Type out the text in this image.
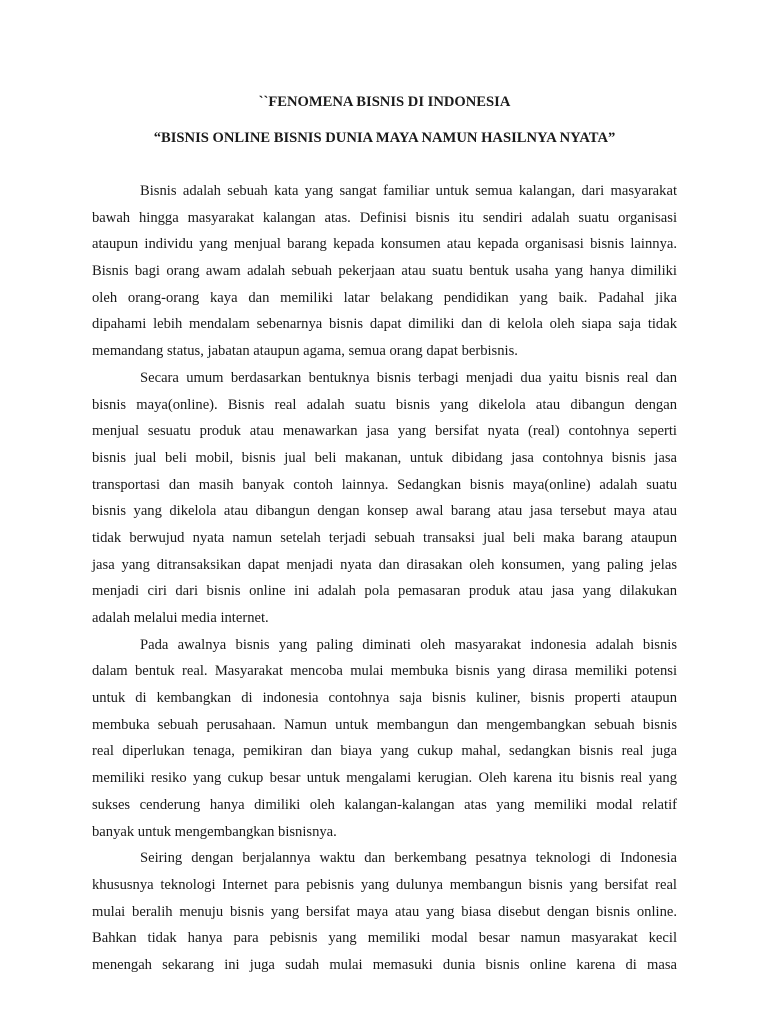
``FENOMENA BISNIS DI INDONESIA
“BISNIS ONLINE BISNIS DUNIA MAYA NAMUN HASILNYA NYATA”
Bisnis adalah sebuah kata yang sangat familiar untuk semua kalangan, dari masyarakat
bawah hingga masyarakat kalangan atas. Definisi bisnis itu sendiri adalah suatu organisasi
ataupun individu yang menjual barang kepada konsumen atau kepada organisasi bisnis lainnya.
Bisnis bagi orang awam adalah sebuah pekerjaan atau suatu bentuk usaha yang hanya dimiliki
oleh orang-orang kaya dan memiliki latar belakang pendidikan yang baik. Padahal jika
dipahami lebih mendalam sebenarnya bisnis dapat dimiliki dan di kelola oleh siapa saja tidak
memandang status, jabatan ataupun agama, semua orang dapat berbisnis.
Secara umum berdasarkan bentuknya bisnis terbagi menjadi dua yaitu bisnis real dan
bisnis maya(online). Bisnis real adalah suatu bisnis yang dikelola atau dibangun dengan
menjual sesuatu produk atau menawarkan jasa yang bersifat nyata (real) contohnya seperti
bisnis jual beli mobil, bisnis jual beli makanan, untuk dibidang jasa contohnya bisnis jasa
transportasi dan masih banyak contoh lainnya. Sedangkan bisnis maya(online) adalah suatu
bisnis yang dikelola atau dibangun dengan konsep awal barang atau jasa tersebut maya atau
tidak berwujud nyata namun setelah terjadi sebuah transaksi jual beli maka barang ataupun
jasa yang ditransaksikan dapat menjadi nyata dan dirasakan oleh konsumen, yang paling jelas
menjadi ciri dari bisnis online ini adalah pola pemasaran produk atau jasa yang dilakukan
adalah melalui media internet.
Pada awalnya bisnis yang paling diminati oleh masyarakat indonesia adalah bisnis
dalam bentuk real. Masyarakat mencoba mulai membuka bisnis yang dirasa memiliki potensi
untuk di kembangkan di indonesia contohnya saja bisnis kuliner, bisnis properti ataupun
membuka sebuah perusahaan. Namun untuk membangun dan mengembangkan sebuah bisnis
real diperlukan tenaga, pemikiran dan biaya yang cukup mahal, sedangkan bisnis real juga
memiliki resiko yang cukup besar untuk mengalami kerugian. Oleh karena itu bisnis real yang
sukses cenderung hanya dimiliki oleh kalangan-kalangan atas yang memiliki modal relatif
banyak untuk mengembangkan bisnisnya.
Seiring dengan berjalannya waktu dan berkembang pesatnya teknologi di Indonesia
khususnya teknologi Internet para pebisnis yang dulunya membangun bisnis yang bersifat real
mulai beralih menuju bisnis yang bersifat maya atau yang biasa disebut dengan bisnis online.
Bahkan tidak hanya para pebisnis yang memiliki modal besar namun masyarakat kecil
menengah sekarang ini juga sudah mulai memasuki dunia bisnis online karena di masa
